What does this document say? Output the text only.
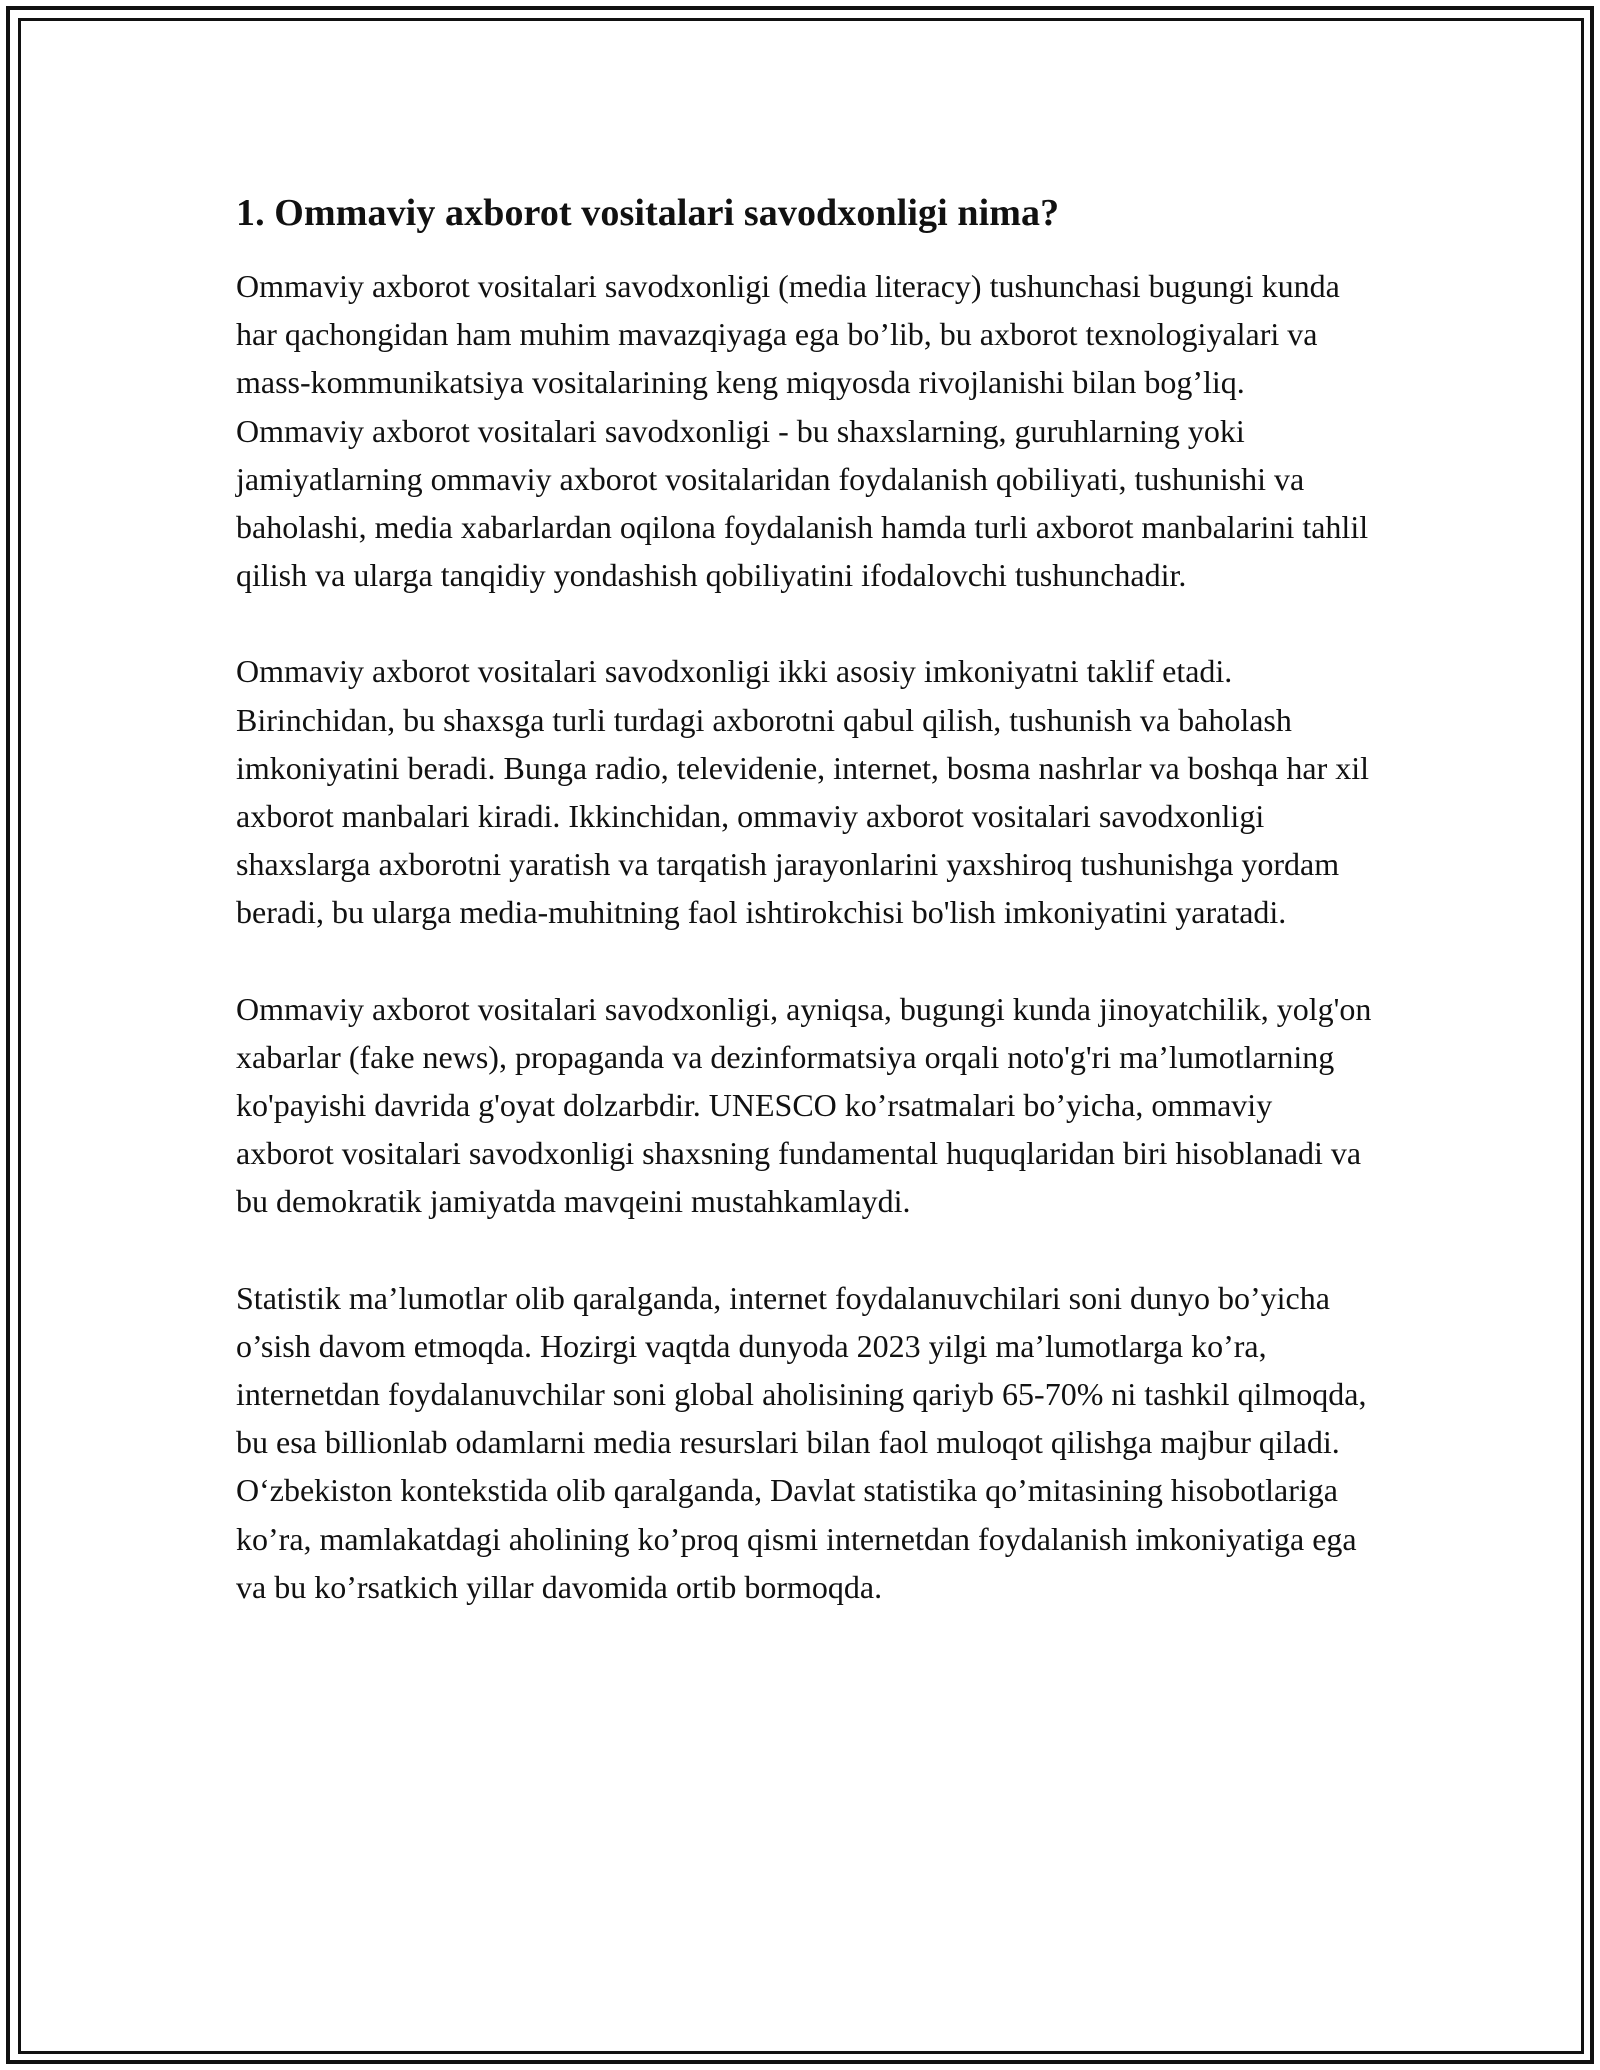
1. Ommaviy axborot vositalari savodxonligi nima?

Ommaviy axborot vositalari savodxonligi (media literacy) tushunchasi bugungi kunda har qachongidan ham muhim mavazqiyaga ega bo’lib, bu axborot texnologiyalari va mass-kommunikatsiya vositalarining keng miqyosda rivojlanishi bilan bog’liq. Ommaviy axborot vositalari savodxonligi - bu shaxslarning, guruhlarning yoki jamiyatlarning ommaviy axborot vositalaridan foydalanish qobiliyati, tushunishi va baholashi, media xabarlardan oqilona foydalanish hamda turli axborot manbalarini tahlil qilish va ularga tanqidiy yondashish qobiliyatini ifodalovchi tushunchadir.

Ommaviy axborot vositalari savodxonligi ikki asosiy imkoniyatni taklif etadi. Birinchidan, bu shaxsga turli turdagi axborotni qabul qilish, tushunish va baholash imkoniyatini beradi. Bunga radio, televidenie, internet, bosma nashrlar va boshqa har xil axborot manbalari kiradi. Ikkinchidan, ommaviy axborot vositalari savodxonligi shaxslarga axborotni yaratish va tarqatish jarayonlarini yaxshiroq tushunishga yordam beradi, bu ularga media-muhitning faol ishtirokchisi bo'lish imkoniyatini yaratadi.

Ommaviy axborot vositalari savodxonligi, ayniqsa, bugungi kunda jinoyatchilik, yolg'on xabarlar (fake news), propaganda va dezinformatsiya orqali noto'g'ri ma’lumotlarning ko'payishi davrida g'oyat dolzarbdir. UNESCO ko’rsatmalari bo’yicha, ommaviy axborot vositalari savodxonligi shaxsning fundamental huquqlaridan biri hisoblanadi va bu demokratik jamiyatda mavqeini mustahkamlaydi.

Statistik ma’lumotlar olib qaralganda, internet foydalanuvchilari soni dunyo bo’yicha o’sish davom etmoqda. Hozirgi vaqtda dunyoda 2023 yilgi ma’lumotlarga ko’ra, internetdan foydalanuvchilar soni global aholisining qariyb 65-70% ni tashkil qilmoqda, bu esa billionlab odamlarni media resurslari bilan faol muloqot qilishga majbur qiladi. O‘zbekiston kontekstida olib qaralganda, Davlat statistika qo’mitasining hisobotlariga ko’ra, mamlakatdagi aholining ko’proq qismi internetdan foydalanish imkoniyatiga ega va bu ko’rsatkich yillar davomida ortib bormoqda.
